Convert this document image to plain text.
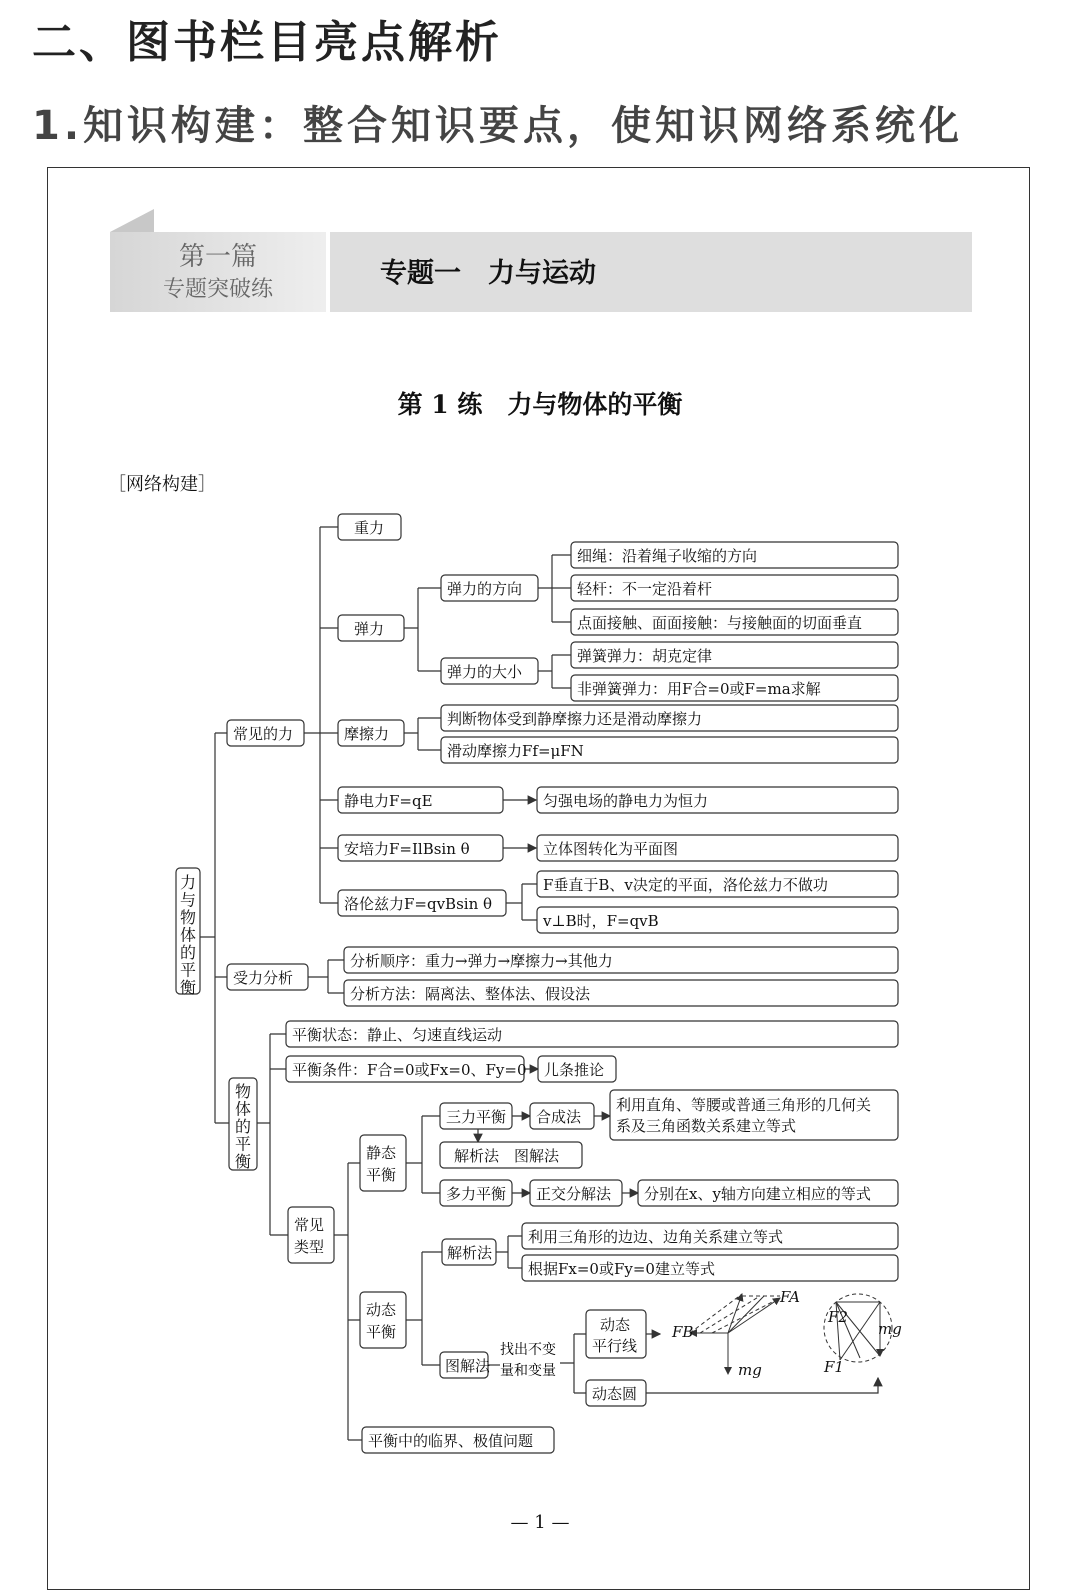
二、图书栏目亮点解析
1.知识构建：整合知识要点，使知识网络系统化
第一篇
专题突破练
专题一　力与运动
第 1 练　力与物体的平衡
［网络构建］
力与物体的平衡
常见的力
重力
弹力
弹力的方向
细绳：沿着绳子收缩的方向
轻杆：不一定沿着杆
点面接触、面面接触：与接触面的切面垂直
弹力的大小
弹簧弹力：胡克定律
非弹簧弹力：用F合=0或F=ma求解
摩擦力
判断物体受到静摩擦力还是滑动摩擦力
滑动摩擦力Ff=μFN
静电力F=qE	匀强电场的静电力为恒力
安培力F=IlBsin θ	立体图转化为平面图
洛伦兹力F=qvBsin θ
F垂直于B、v决定的平面，洛伦兹力不做功
v⊥B时，F=qvB
受力分析
分析顺序：重力→弹力→摩擦力→其他力
分析方法：隔离法、整体法、假设法
物体的平衡
平衡状态：静止、匀速直线运动
平衡条件：F合=0或Fx=0、Fy=0 儿条推论
常见
类型
静态
平衡
三力平衡 合成法
利用直角、等腰或普通三角形的几何关
系及三角函数关系建立等式
解析法　图解法
多力平衡 正交分解法 分别在x、y轴方向建立相应的等式
动态
平衡
解析法
利用三角形的边边、边角关系建立等式
根据Fx=0或Fy=0建立等式
图解法
找出不变
量和变量
动态
平行线
动态圆
FA
FB
mg
F2
mg
F1
平衡中的临界、极值问题
— 1 —
